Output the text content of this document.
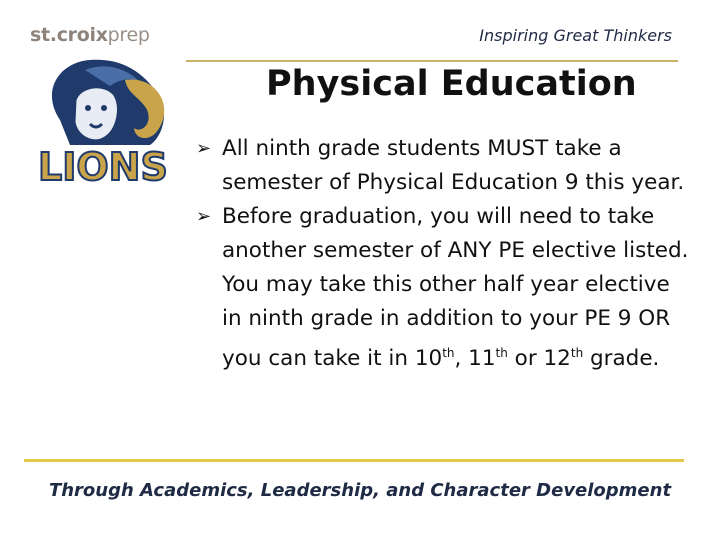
st.croixprep	Inspiring Great Thinkers
LIONS
Physical Education
➢ All ninth grade students MUST take a semester of Physical Education 9 this year.
➢ Before graduation, you will need to take another semester of ANY PE elective listed. You may take this other half year elective in ninth grade in addition to your PE 9 OR you can take it in 10th, 11th or 12th grade.
Through Academics, Leadership, and Character Development
